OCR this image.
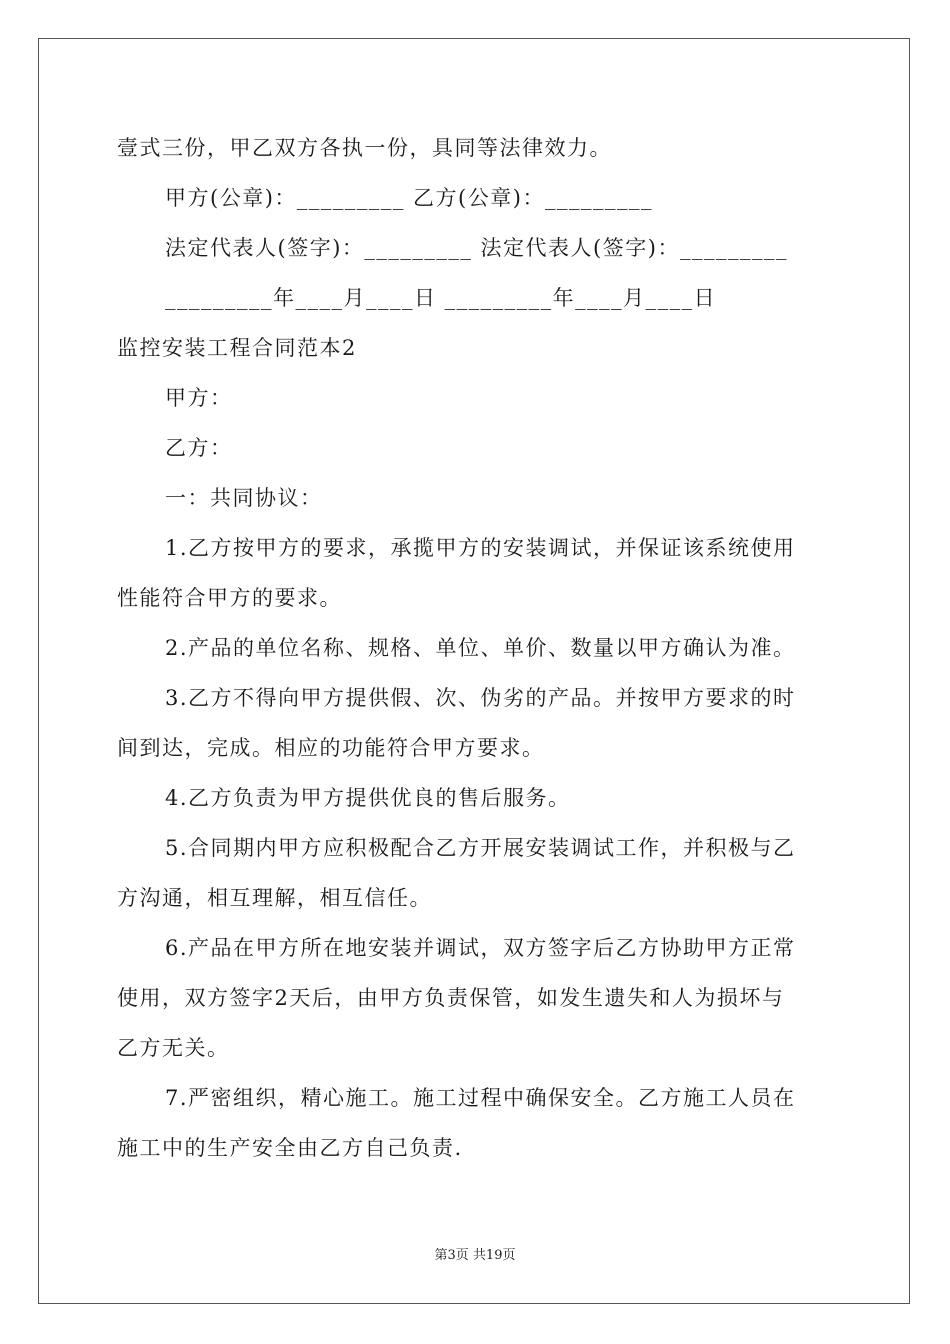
壹式三份，甲乙双方各执一份，具同等法律效力。
甲方(公章)：_________ 乙方(公章)：_________
法定代表人(签字)：_________ 法定代表人(签字)：_________
_________年____月____日 _________年____月____日
监控安装工程合同范本2
甲方：
乙方：
一：共同协议：
1.乙方按甲方的要求，承揽甲方的安装调试，并保证该系统使用
性能符合甲方的要求。
2.产品的单位名称、规格、单位、单价、数量以甲方确认为准。
3.乙方不得向甲方提供假、次、伪劣的产品。并按甲方要求的时
间到达，完成。相应的功能符合甲方要求。
4.乙方负责为甲方提供优良的售后服务。
5.合同期内甲方应积极配合乙方开展安装调试工作，并积极与乙
方沟通，相互理解，相互信任。
6.产品在甲方所在地安装并调试，双方签字后乙方协助甲方正常
使用，双方签字2天后，由甲方负责保管，如发生遗失和人为损坏与
乙方无关。
7.严密组织，精心施工。施工过程中确保安全。乙方施工人员在
施工中的生产安全由乙方自己负责.
第3页 共19页
